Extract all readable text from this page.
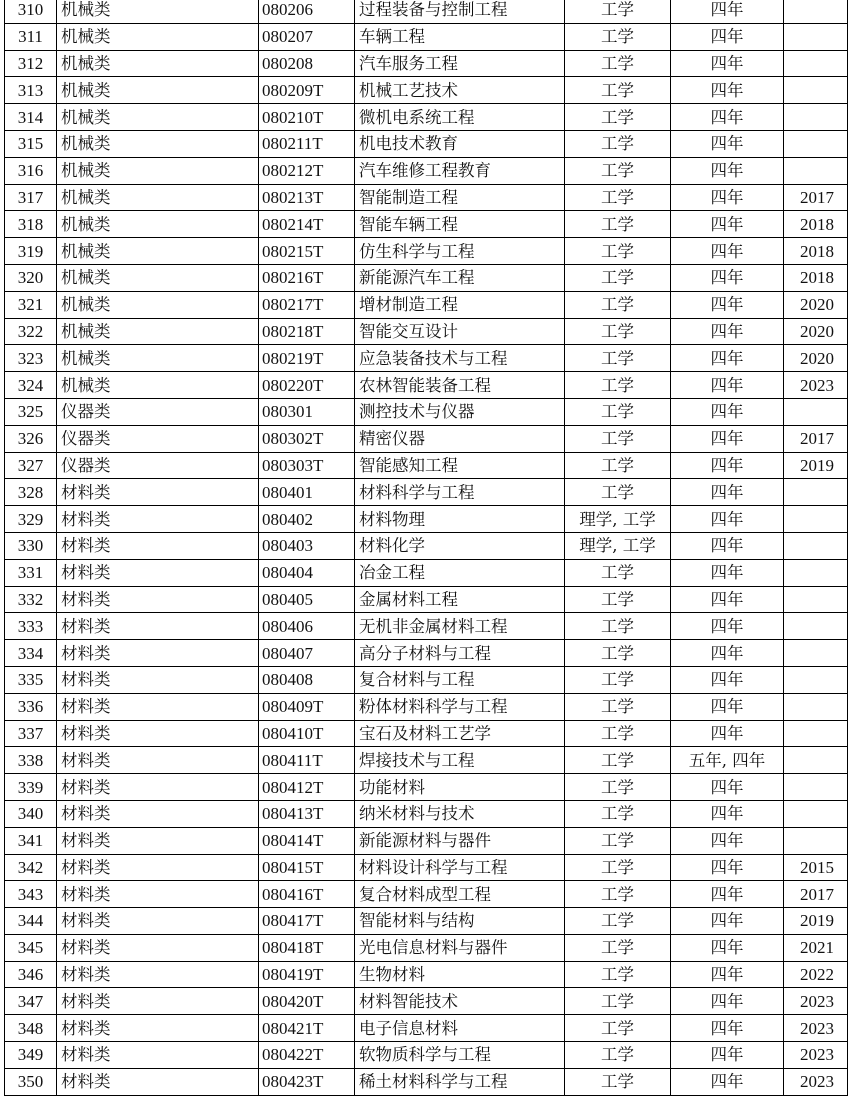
310	机械类	080206	过程装备与控制工程	工学	四年	
311	机械类	080207	车辆工程	工学	四年	
312	机械类	080208	汽车服务工程	工学	四年	
313	机械类	080209T	机械工艺技术	工学	四年	
314	机械类	080210T	微机电系统工程	工学	四年	
315	机械类	080211T	机电技术教育	工学	四年	
316	机械类	080212T	汽车维修工程教育	工学	四年	
317	机械类	080213T	智能制造工程	工学	四年	2017
318	机械类	080214T	智能车辆工程	工学	四年	2018
319	机械类	080215T	仿生科学与工程	工学	四年	2018
320	机械类	080216T	新能源汽车工程	工学	四年	2018
321	机械类	080217T	增材制造工程	工学	四年	2020
322	机械类	080218T	智能交互设计	工学	四年	2020
323	机械类	080219T	应急装备技术与工程	工学	四年	2020
324	机械类	080220T	农林智能装备工程	工学	四年	2023
325	仪器类	080301	测控技术与仪器	工学	四年	
326	仪器类	080302T	精密仪器	工学	四年	2017
327	仪器类	080303T	智能感知工程	工学	四年	2019
328	材料类	080401	材料科学与工程	工学	四年	
329	材料类	080402	材料物理	理学, 工学	四年	
330	材料类	080403	材料化学	理学, 工学	四年	
331	材料类	080404	冶金工程	工学	四年	
332	材料类	080405	金属材料工程	工学	四年	
333	材料类	080406	无机非金属材料工程	工学	四年	
334	材料类	080407	高分子材料与工程	工学	四年	
335	材料类	080408	复合材料与工程	工学	四年	
336	材料类	080409T	粉体材料科学与工程	工学	四年	
337	材料类	080410T	宝石及材料工艺学	工学	四年	
338	材料类	080411T	焊接技术与工程	工学	五年, 四年	
339	材料类	080412T	功能材料	工学	四年	
340	材料类	080413T	纳米材料与技术	工学	四年	
341	材料类	080414T	新能源材料与器件	工学	四年	
342	材料类	080415T	材料设计科学与工程	工学	四年	2015
343	材料类	080416T	复合材料成型工程	工学	四年	2017
344	材料类	080417T	智能材料与结构	工学	四年	2019
345	材料类	080418T	光电信息材料与器件	工学	四年	2021
346	材料类	080419T	生物材料	工学	四年	2022
347	材料类	080420T	材料智能技术	工学	四年	2023
348	材料类	080421T	电子信息材料	工学	四年	2023
349	材料类	080422T	软物质科学与工程	工学	四年	2023
350	材料类	080423T	稀土材料科学与工程	工学	四年	2023
